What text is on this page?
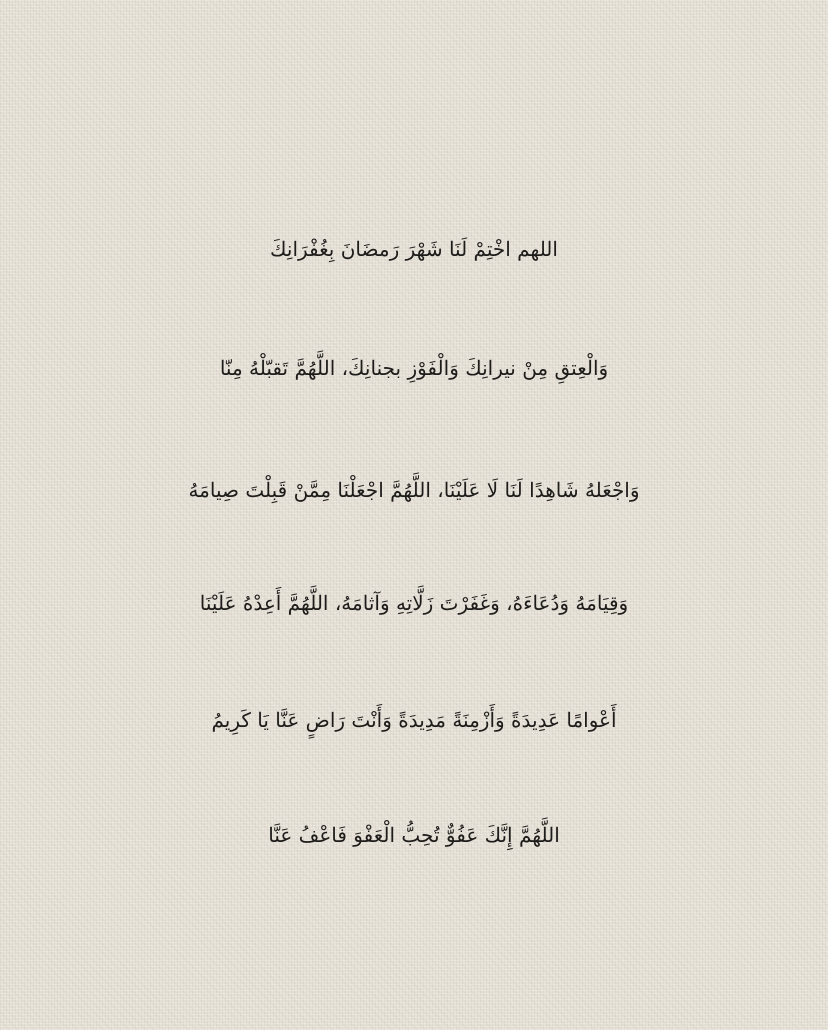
اللهم اخْتِمْ لَنَا شَهْرَ رَمضَانَ بِغُفْرَانِكَ
وَالْعِتقِ مِنْ نيرانِكَ وَالْفَوْزِ بجنانِكَ، اللَّهُمَّ تَقبّلْهُ مِنّا
وَاجْعَلهُ شَاهِدًا لَنَا لَا عَلَيْنَا، اللَّهُمَّ اجْعَلْنَا مِمَّنْ قَبِلْتَ صِيامَهُ
وَقِيَامَهُ وَدُعَاءَهُ، وَغَفَرْتَ زَلَّاتِهِ وَآثامَهُ، اللَّهُمَّ أَعِدْهُ عَلَيْنَا
أَعْوامًا عَدِيدَةً وَأَزْمِنَةً مَدِيدَةً وَأَنْتَ رَاضٍ عَنَّا يَا كَرِيمُ
اللَّهُمَّ إِنَّكَ عَفُوٌّ تُحِبُّ الْعَفْوَ فَاعْفُ عَنَّا
